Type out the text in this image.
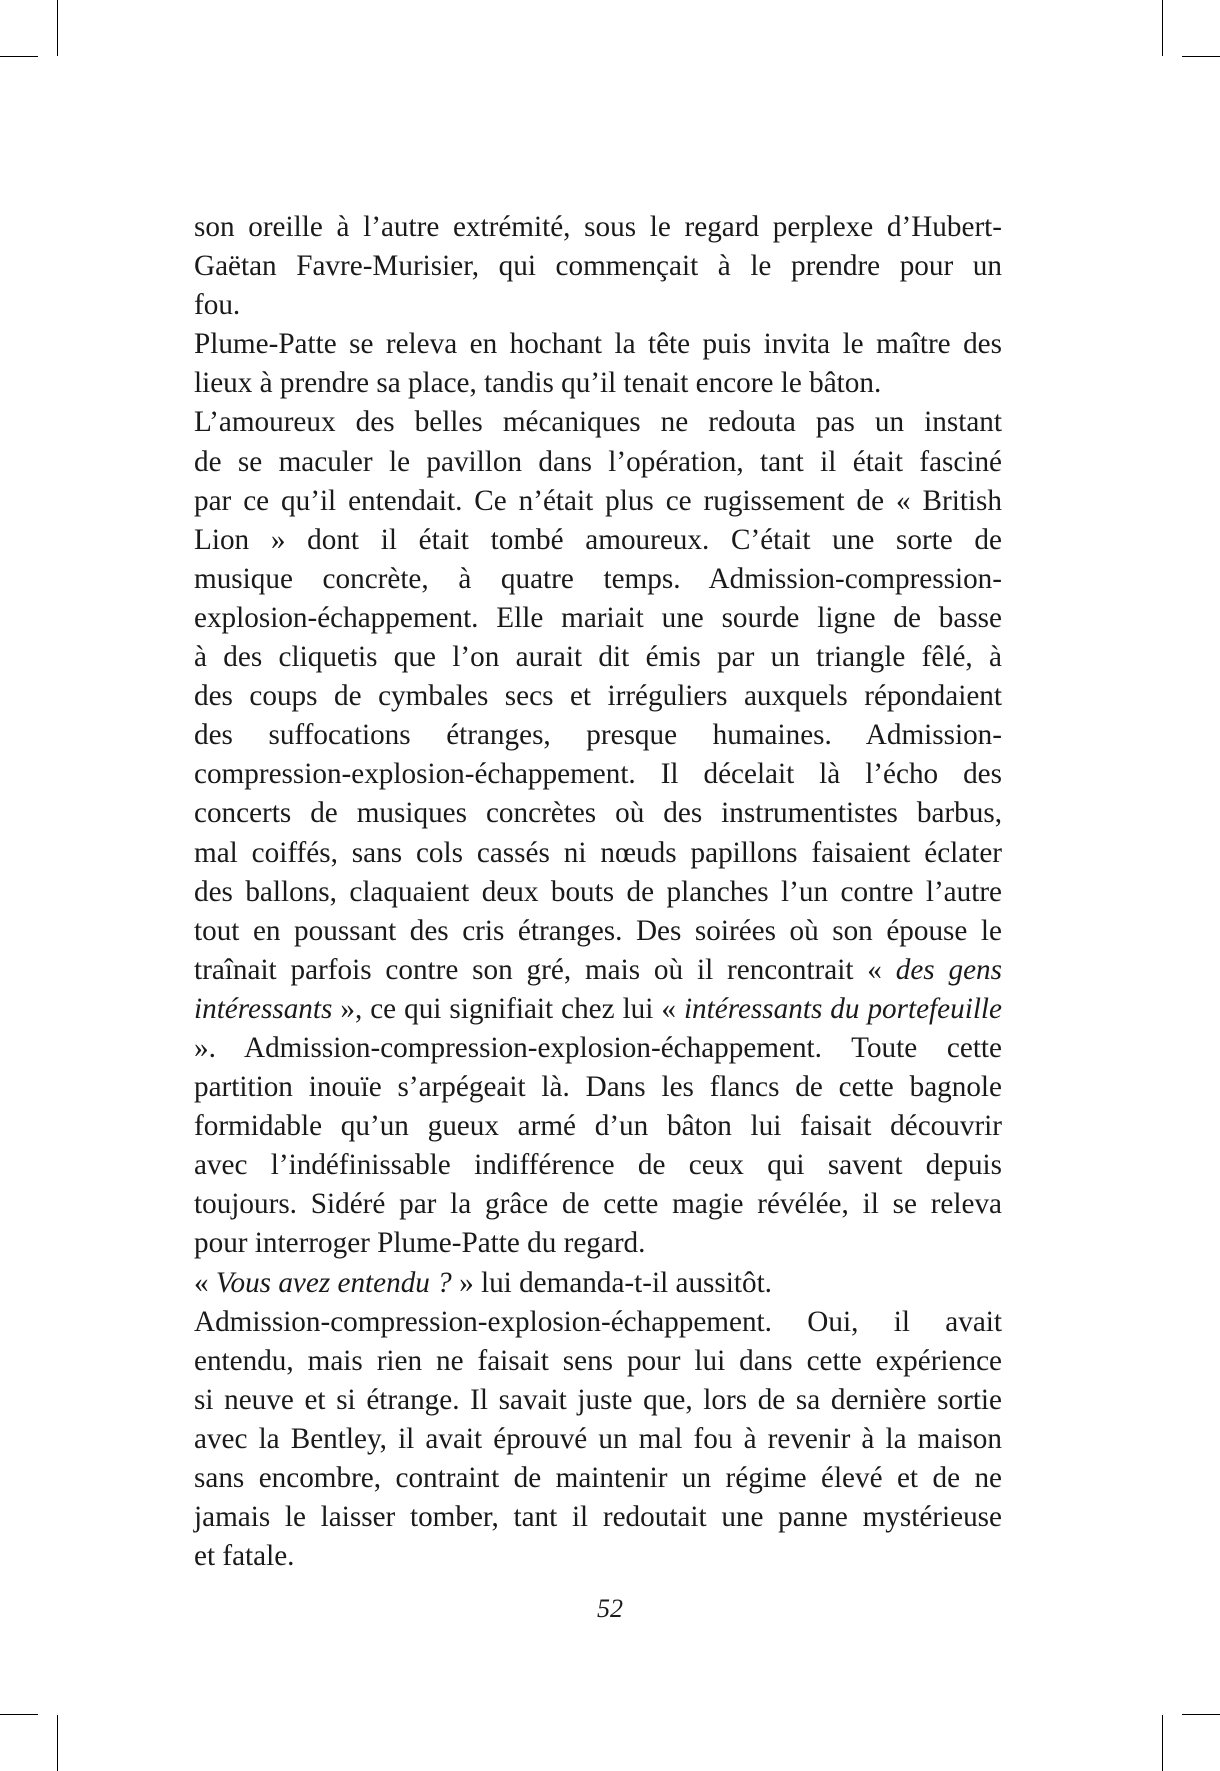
son oreille à l’autre extrémité, sous le regard perplexe d’Hubert-
Gaëtan Favre-Murisier, qui commençait à le prendre pour un
fou.
Plume-Patte se releva en hochant la tête puis invita le maître des
lieux à prendre sa place, tandis qu’il tenait encore le bâton.
L’amoureux des belles mécaniques ne redouta pas un instant
de se maculer le pavillon dans l’opération, tant il était fasciné
par ce qu’il entendait. Ce n’était plus ce rugissement de « British
Lion » dont il était tombé amoureux. C’était une sorte de
musique concrète, à quatre temps. Admission-compression-
explosion-échappement. Elle mariait une sourde ligne de basse
à des cliquetis que l’on aurait dit émis par un triangle fêlé, à
des coups de cymbales secs et irréguliers auxquels répondaient
des suffocations étranges, presque humaines. Admission-
compression-explosion-échappement. Il décelait là l’écho des
concerts de musiques concrètes où des instrumentistes barbus,
mal coiffés, sans cols cassés ni nœuds papillons faisaient éclater
des ballons, claquaient deux bouts de planches l’un contre l’autre
tout en poussant des cris étranges. Des soirées où son épouse le
traînait parfois contre son gré, mais où il rencontrait « des gens
intéressants », ce qui signifiait chez lui « intéressants du portefeuille
». Admission-compression-explosion-échappement. Toute cette
partition inouïe s’arpégeait là. Dans les flancs de cette bagnole
formidable qu’un gueux armé d’un bâton lui faisait découvrir
avec l’indéfinissable indifférence de ceux qui savent depuis
toujours. Sidéré par la grâce de cette magie révélée, il se releva
pour interroger Plume-Patte du regard.
« Vous avez entendu ? » lui demanda-t-il aussitôt.
Admission-compression-explosion-échappement. Oui, il avait
entendu, mais rien ne faisait sens pour lui dans cette expérience
si neuve et si étrange. Il savait juste que, lors de sa dernière sortie
avec la Bentley, il avait éprouvé un mal fou à revenir à la maison
sans encombre, contraint de maintenir un régime élevé et de ne
jamais le laisser tomber, tant il redoutait une panne mystérieuse
et fatale.
52
